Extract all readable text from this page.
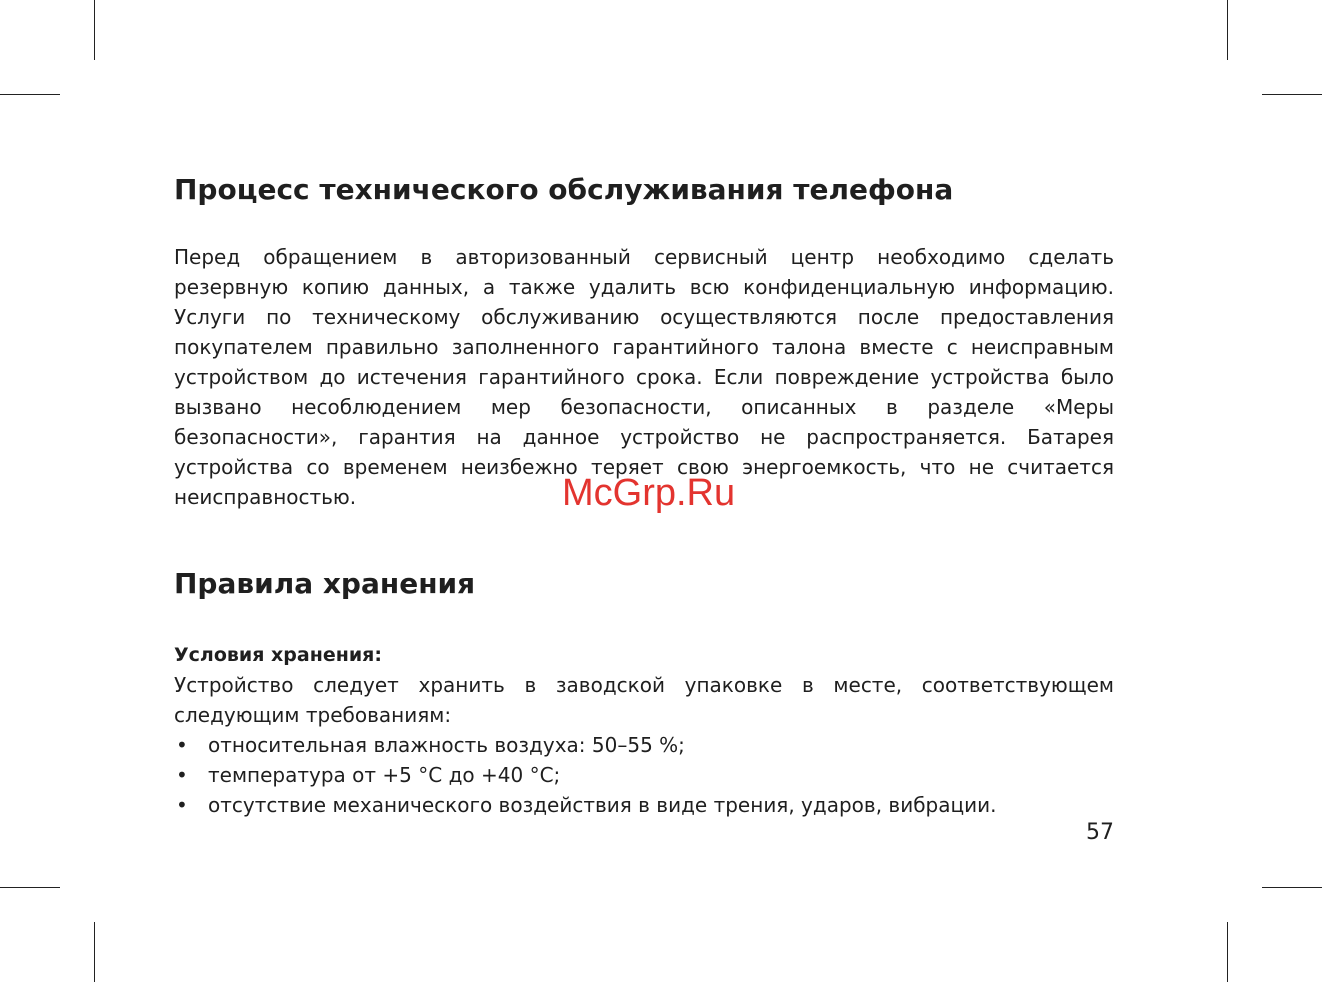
Процесс технического обслуживания телефона

Перед обращением в авторизованный сервисный центр необходимо сделать резервную копию данных, а также удалить всю конфиденциальную информацию. Услуги по техническому обслуживанию осуществляются после предоставления покупателем правильно заполненного гарантийного талона вместе с неисправным устройством до истечения гарантийного срока. Если повреждение устройства было вызвано несоблюдением мер безопасности, описанных в разделе «Меры безопасности», гарантия на данное устройство не распространяется. Батарея устройства со временем неизбежно теряет свою энергоемкость, что не считается неисправностью.

Правила хранения
Условия хранения:

Устройство следует хранить в заводской упаковке в месте, соответствующем следующим требованиям:

• относительная влажность воздуха: 50–55 %;
• температура от +5 °С до +40 °С;
• отсутствие механического воздействия в виде трения, ударов, вибрации.
57
McGrp.Ru
